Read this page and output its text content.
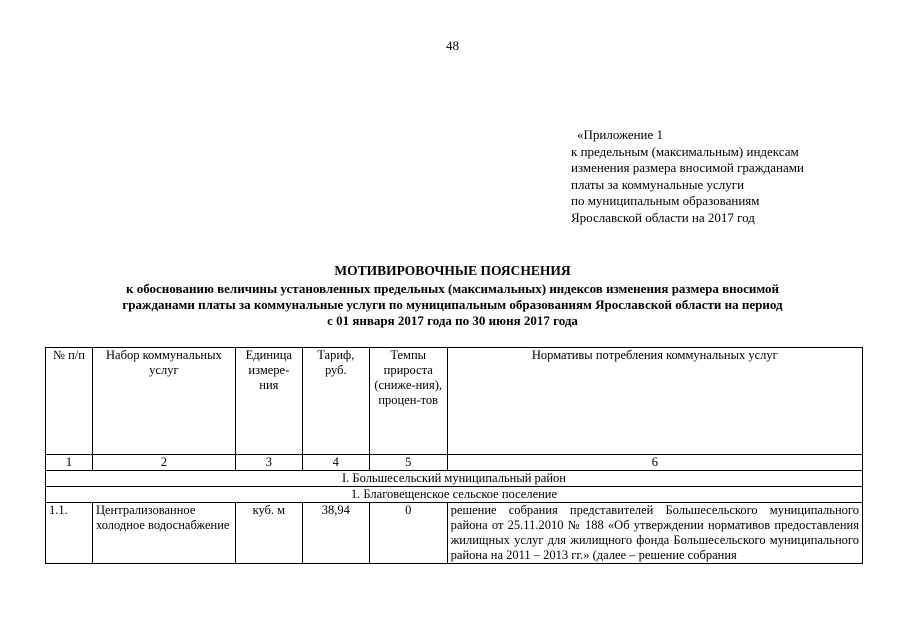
48
«Приложение 1
к предельным (максимальным) индексам
изменения размера вносимой гражданами
платы за коммунальные услуги
по муниципальным образованиям
Ярославской области на 2017 год
МОТИВИРОВОЧНЫЕ ПОЯСНЕНИЯ
к обоснованию величины установленных предельных (максимальных) индексов изменения размера вносимой
гражданами платы за коммунальные услуги по муниципальным образованиям Ярославской области на период
с 01 января 2017 года по 30 июня 2017 года
№ п/п	Набор коммунальных услуг	Единица измере-ния	Тариф, руб.	Темпы прироста (сниже-ния), процен-тов	Нормативы потребления коммунальных услуг
1	2	3	4	5	6
I. Большесельский муниципальный район					
1. Благовещенское сельское поселение					
1.1.	Централизованное холодное водоснабжение	куб. м	38,94	0	решение собрания представителей Большесельского муниципального района от 25.11.2010 № 188 «Об утверждении нормативов предоставления жилищных услуг для жилищного фонда Большесельского муниципального района на 2011 – 2013 гг.» (далее – решение собрания
